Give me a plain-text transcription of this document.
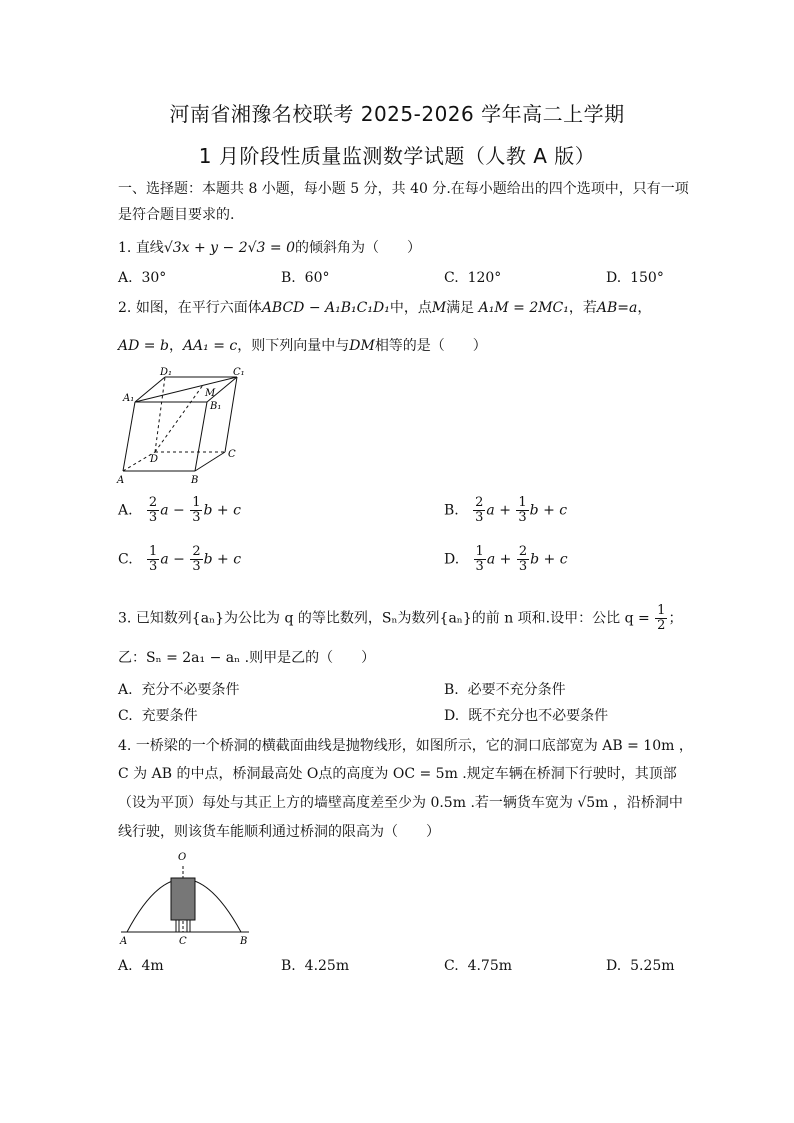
河南省湘豫名校联考 2025-2026 学年高二上学期
1 月阶段性质量监测数学试题（人教 A 版）
一、选择题：本题共 8 小题，每小题 5 分，共 40 分.在每小题给出的四个选项中，只有一项
是符合题目要求的.
1. 直线√3x + y − 2√3 = 0的倾斜角为（　　）
A. 30°	B. 60°	C. 120°	D. 150°
2. 如图，在平行六面体ABCD − A₁B₁C₁D₁中，点M满足 A₁M = 2MC₁，若AB=a，
AD = b，AA₁ = c，则下列向量中与DM相等的是（　　）
A	B
C
D
A₁
B₁
C₁
D₁
M
A. $\frac{2}{3}$ $a - \frac{1}{3}$ b + c	B. $\frac{2}{3}$ $a + \frac{1}{3}$ b + c
C. $\frac{1}{3}$ $a - \frac{2}{3}$ b + c	D. $\frac{1}{3}$ $a + \frac{2}{3}$ b + c
3. 已知数列{aₙ}为公比为 q 的等比数列，Sₙ为数列{aₙ}的前 n 项和.设甲：公比 $q = \frac{1}{2}$ ；
乙：Sₙ = 2a₁ − aₙ .则甲是乙的（　　）
A. 充分不必要条件	B. 必要不充分条件
C. 充要条件	D. 既不充分也不必要条件
4. 一桥梁的一个桥洞的横截面曲线是抛物线形，如图所示，它的洞口底部宽为 AB = 10m ，
C 为 AB 的中点，桥洞最高处 O点的高度为 OC = 5m .规定车辆在桥洞下行驶时，其顶部
（设为平顶）每处与其正上方的墙壁高度差至少为 0.5m .若一辆货车宽为 √5m ，沿桥洞中
线行驶，则该货车能顺利通过桥洞的限高为（　　）
O
A	C	B
A. 4m	B. 4.25m	C. 4.75m	D. 5.25m
